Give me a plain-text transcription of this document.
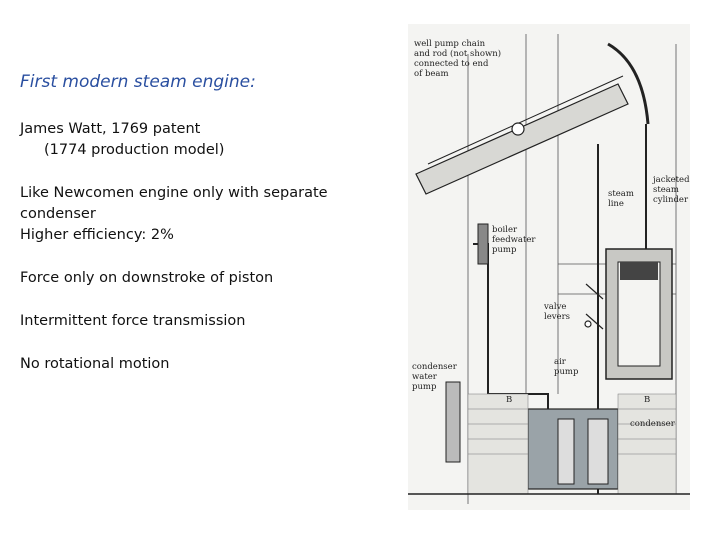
First modern steam engine:

James Watt, 1769 patent

(1774 production model)

Like Newcomen engine only with separate
condenser
Higher efficiency: 2%

Force only on downstroke of piston

Intermittent force transmission

No rotational motion

well pump chain
and rod (not shown)
connected to end
of beam
jacketed
steam
cylinder
steam
line
boiler
feedwater
pump
valve
levers
condenser
water
pump
air
pump
condenser
B	B
